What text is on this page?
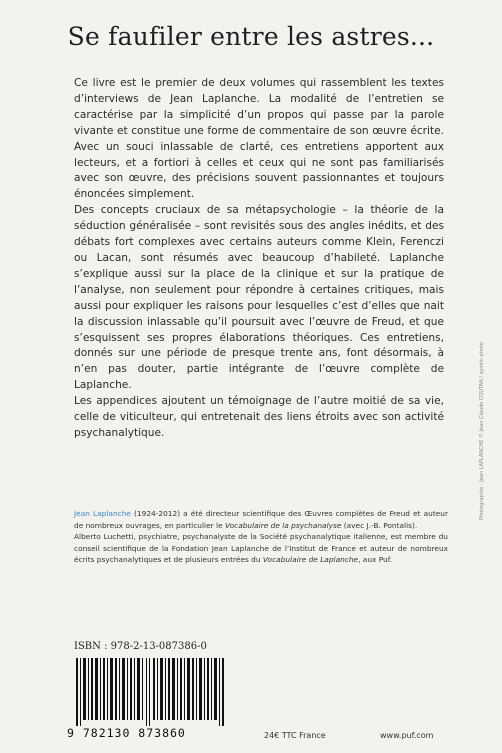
Se faufiler entre les astres...

Ce livre est le premier de deux volumes qui rassemblent les textes d’interviews de Jean Laplanche. La modalité de l’entretien se caractérise par la simplicité d’un propos qui passe par la parole vivante et constitue une forme de commentaire de son œuvre écrite. Avec un souci inlassable de clarté, ces entretiens apportent aux lecteurs, et a fortiori à celles et ceux qui ne sont pas familiarisés avec son œuvre, des précisions souvent passionnantes et toujours énoncées simplement.

Des concepts cruciaux de sa métapsychologie – la théorie de la séduction généralisée – sont revisités sous des angles inédits, et des débats fort complexes avec certains auteurs comme Klein, Ferenczi ou Lacan, sont résumés avec beaucoup d’habileté. Laplanche s’explique aussi sur la place de la clinique et sur la pratique de l’analyse, non seulement pour répondre à certaines critiques, mais aussi pour expliquer les raisons pour lesquelles c’est d’elles que nait la discussion inlassable qu’il poursuit avec l’œuvre de Freud, et que s’esquissent ses propres élaborations théoriques. Ces entretiens, donnés sur une période de presque trente ans, font désormais, à n’en pas douter, partie intégrante de l’œuvre complète de Laplanche.

Les appendices ajoutent un témoignage de l’autre moitié de sa vie, celle de viticulteur, qui entretenait des liens étroits avec son activité psychanalytique.

Jean Laplanche (1924-2012) a été directeur scientifique des Œuvres complètes de Freud et auteur de nombreux ouvrages, en particulier le Vocabulaire de la psychanalyse (avec J.-B. Pontalis).

Alberto Luchetti, psychiatre, psychanalyste de la Société psychanalytique italienne, est membre du conseil scientifique de la Fondation Jean Laplanche de l’Institut de France et auteur de nombreux écrits psychanalytiques et de plusieurs entrées du Vocabulaire de Laplanche, aux Puf.

ISBN : 978-2-13-087386-0
9 782130 873860	24€ TTC France	www.puf.com
Photographie : Jean LAPLANCHE © Jean Claude COUTAN / syndic-photo
